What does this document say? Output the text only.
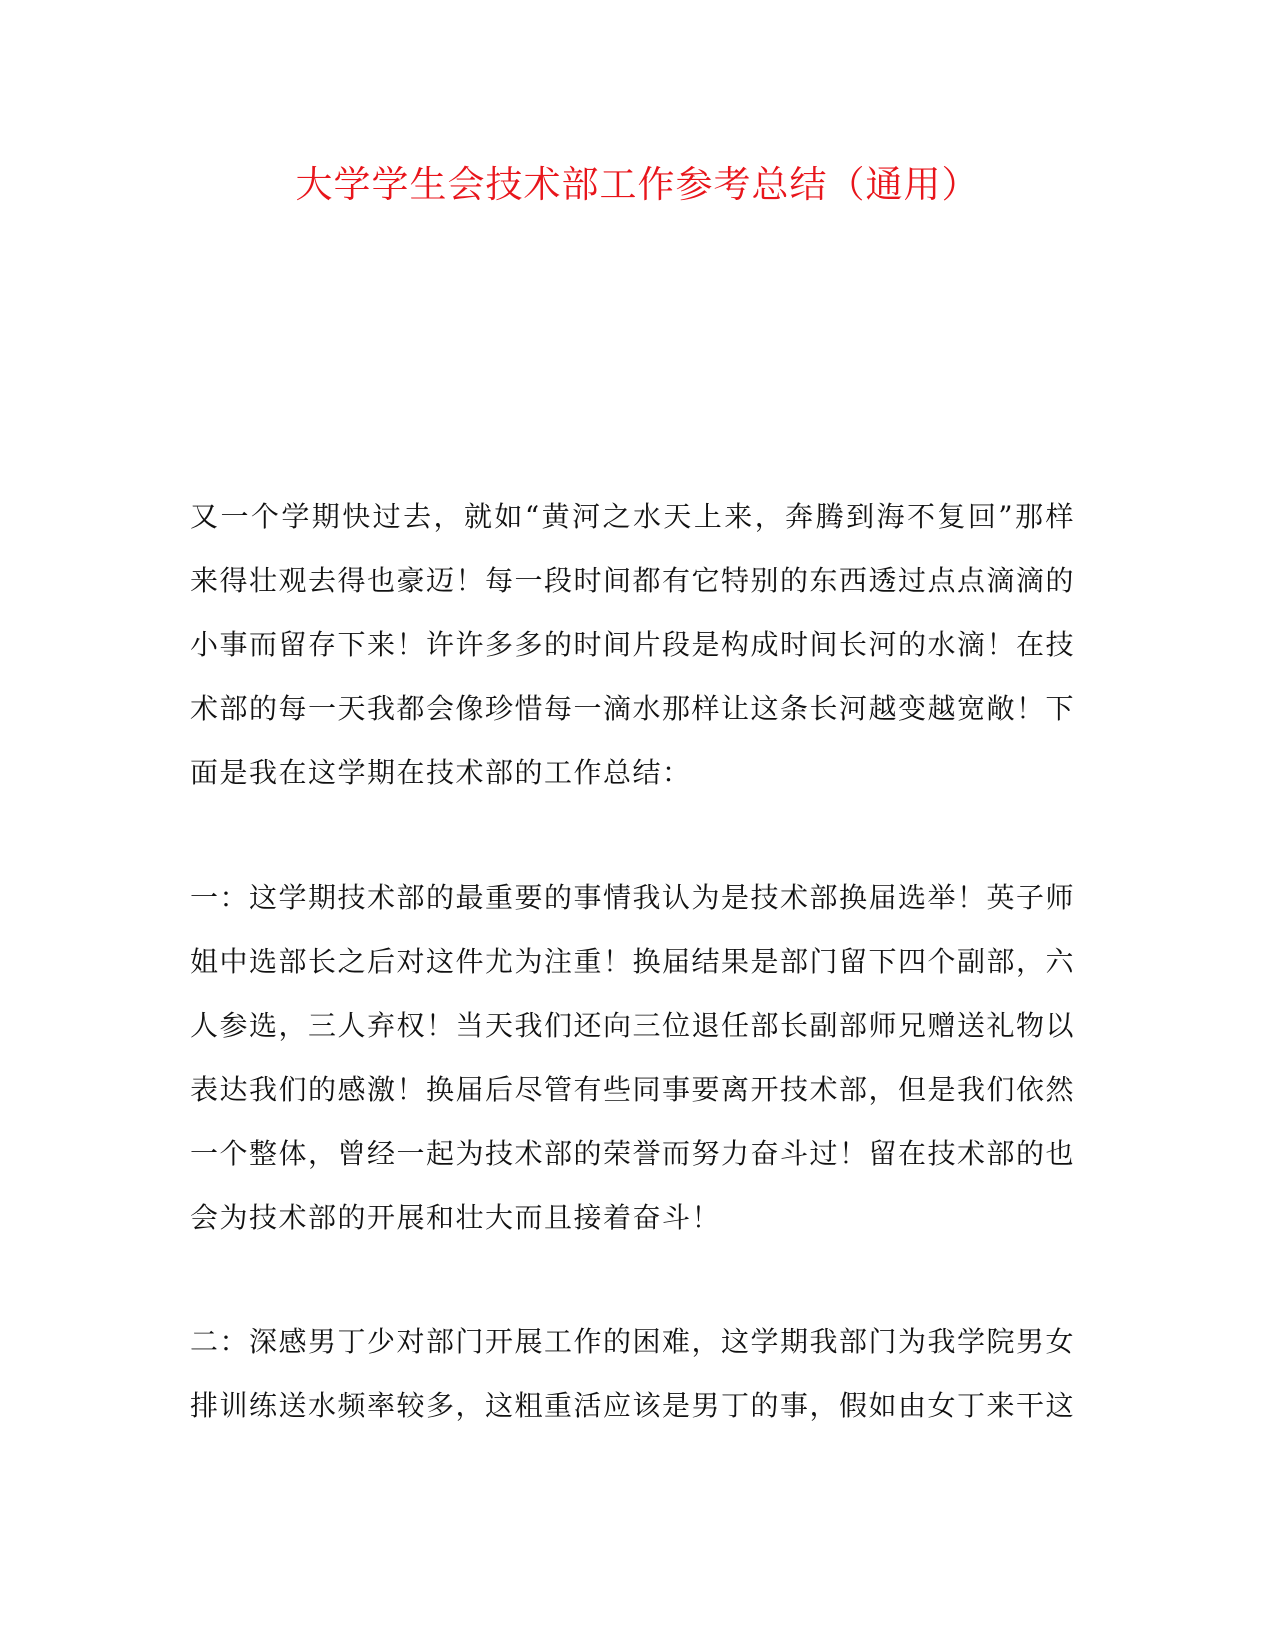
大学学生会技术部工作参考总结（通用）

又一个学期快过去，就如“黄河之水天上来，奔腾到海不复回”那样来得壮观去得也豪迈！每一段时间都有它特别的东西透过点点滴滴的小事而留存下来！许许多多的时间片段是构成时间长河的水滴！在技术部的每一天我都会像珍惜每一滴水那样让这条长河越变越宽敞！下面是我在这学期在技术部的工作总结：

一：这学期技术部的最重要的事情我认为是技术部换届选举！英子师姐中选部长之后对这件尤为注重！换届结果是部门留下四个副部，六人参选，三人弃权！当天我们还向三位退任部长副部师兄赠送礼物以表达我们的感激！换届后尽管有些同事要离开技术部，但是我们依然一个整体，曾经一起为技术部的荣誉而努力奋斗过！留在技术部的也会为技术部的开展和壮大而且接着奋斗！

二：深感男丁少对部门开展工作的困难，这学期我部门为我学院男女排训练送水频率较多，这粗重活应该是男丁的事，假如由女丁来干这
